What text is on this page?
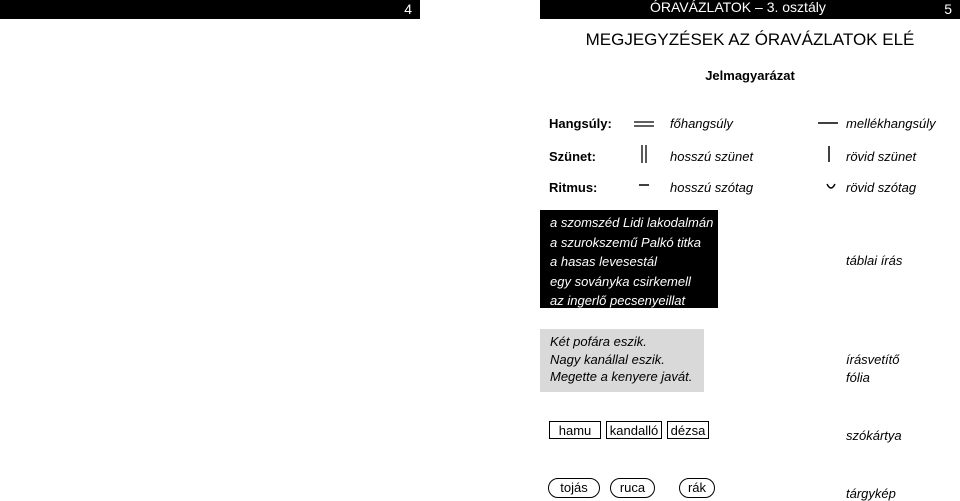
4	ÓRAVÁZLATOK – 3. osztály	5
MEGJEGYZÉSEK AZ ÓRAVÁZLATOK ELÉ
Jelmagyarázat
Hangsúly:	főhangsúly	mellékhangsúly
Szünet:	hosszú szünet	rövid szünet
Ritmus:	hosszú szótag	rövid szótag
a szomszéd Lidi lakodalmán
a szurokszemű Palkó titka
a hasas levesestál
egy soványka csirkemell
az ingerlő pecsenyeillat
táblai írás
Két pofára eszik.
Nagy kanállal eszik.
Megette a kenyere javát.
írásvetítő
fólia
hamu	kandalló dézsa	szókártya
tojás	ruca	rák	tárgykép
